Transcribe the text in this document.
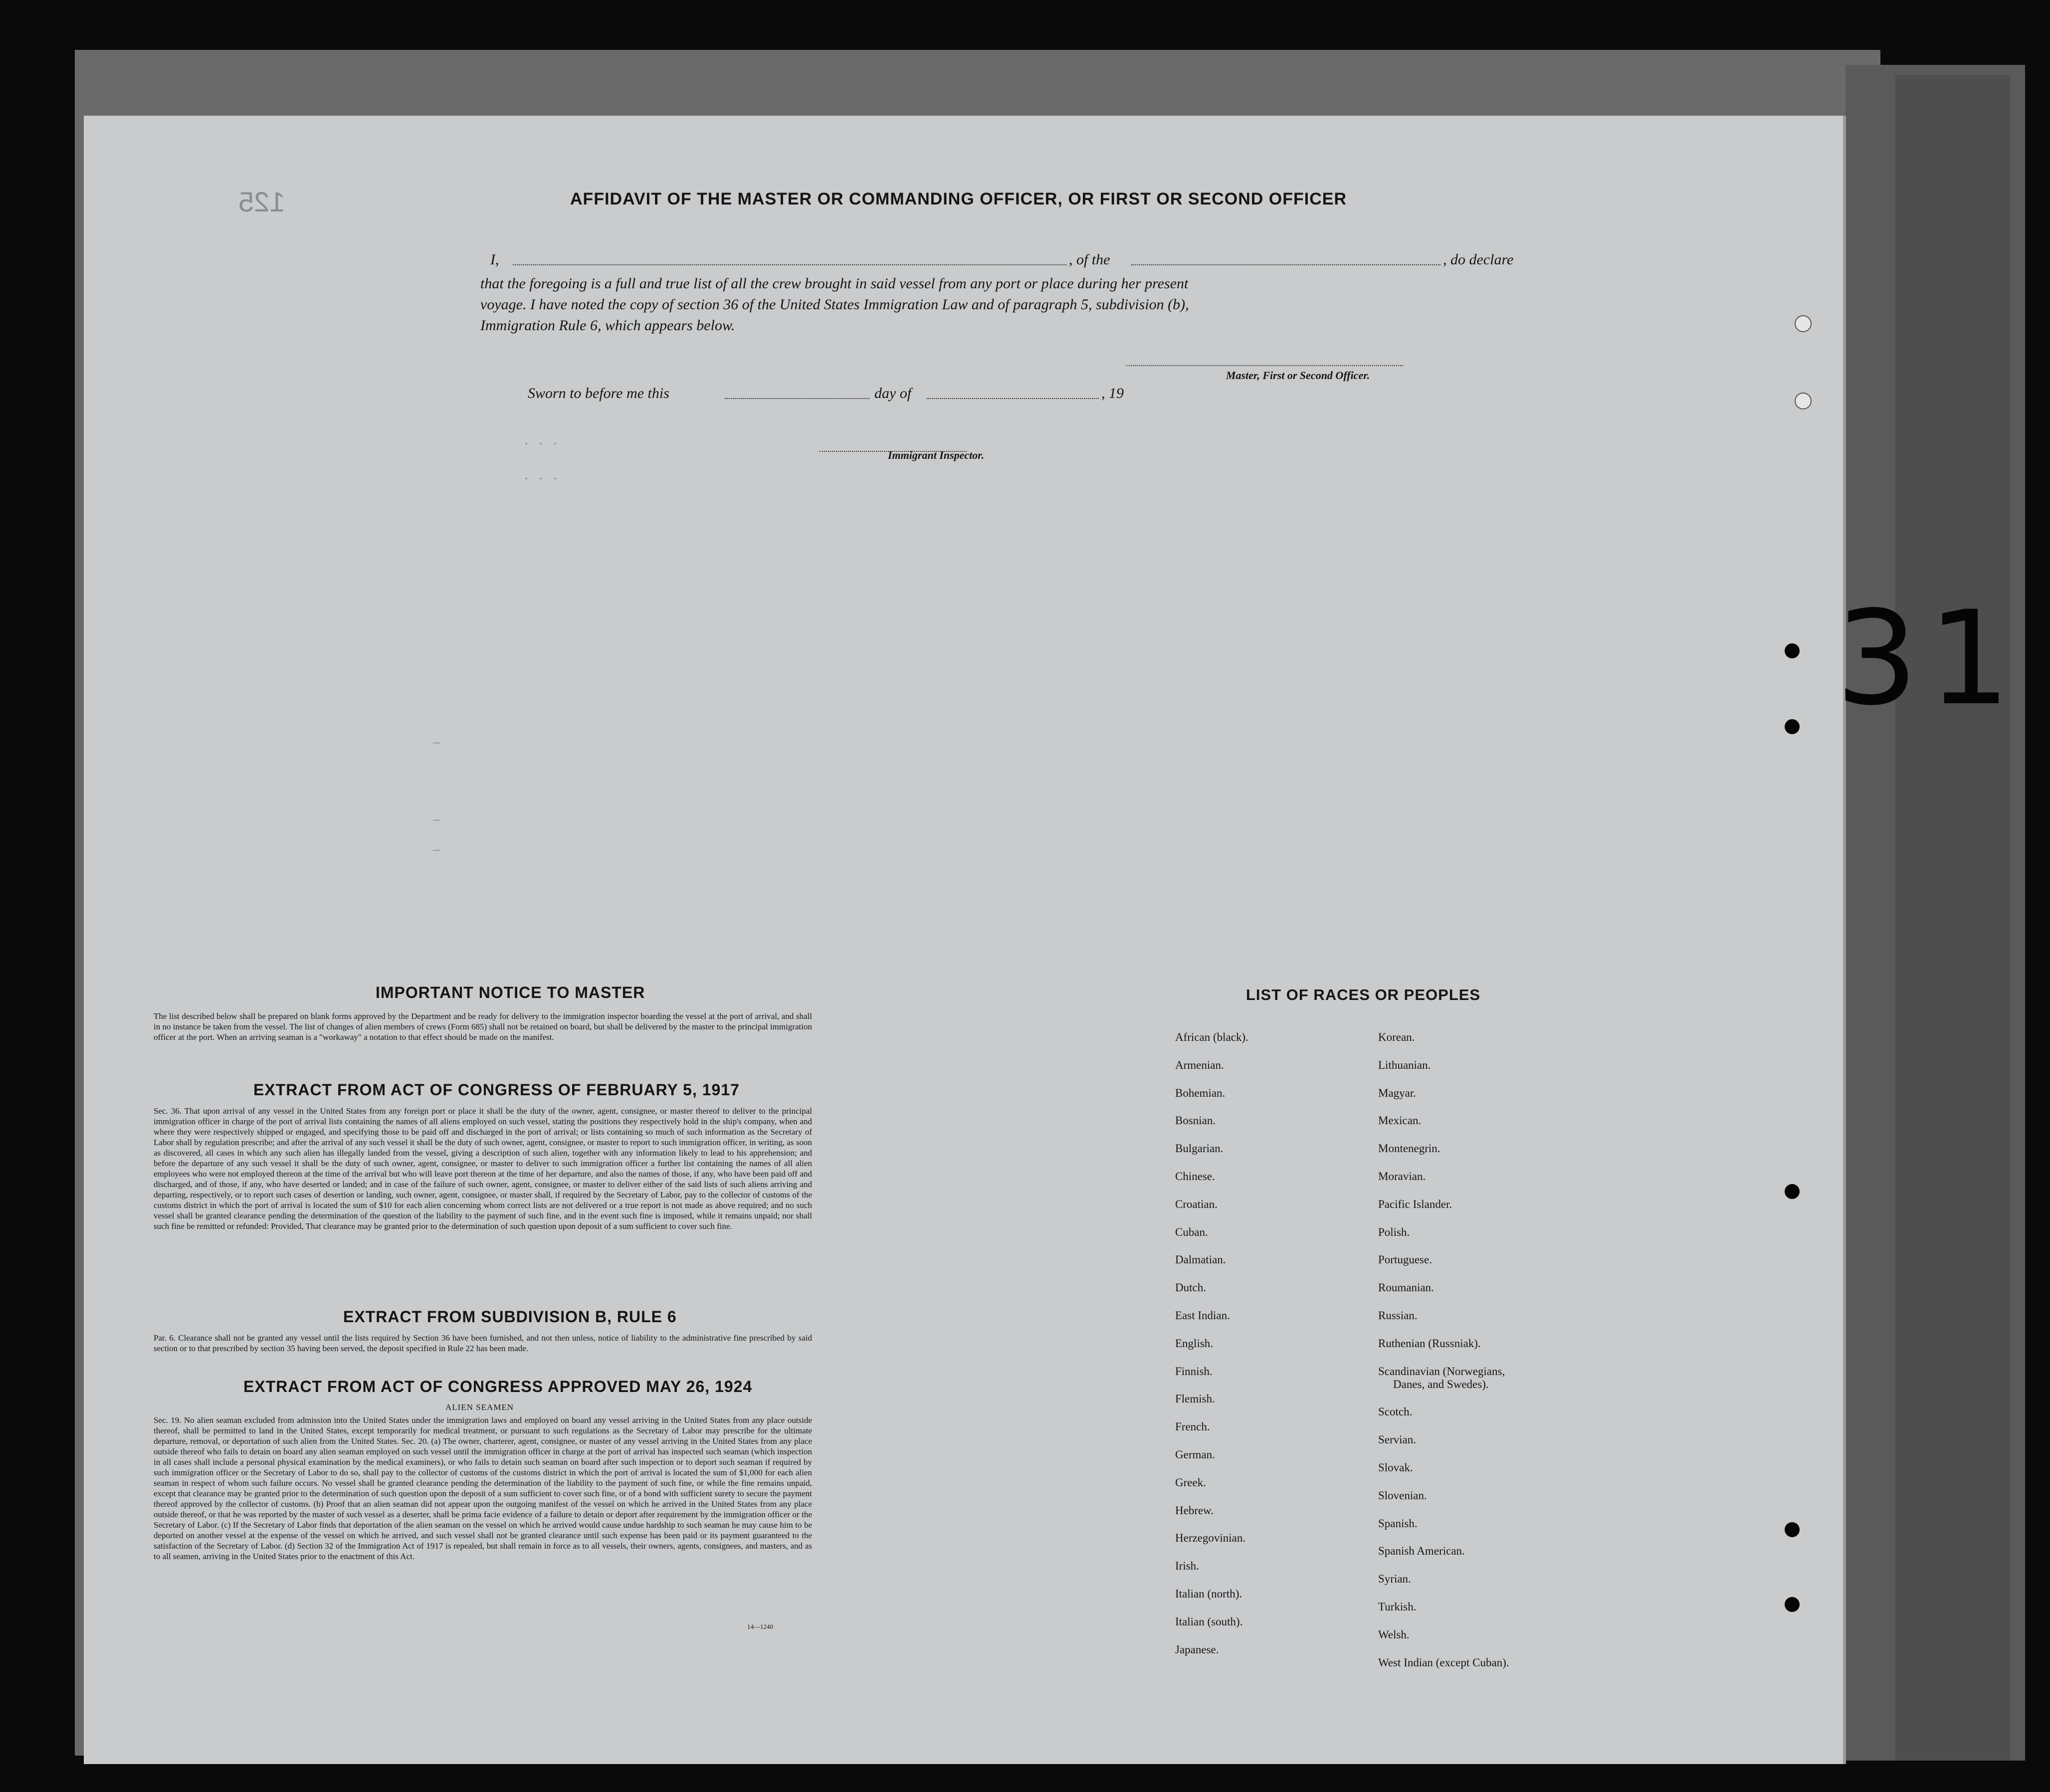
125	AFFIDAVIT OF THE MASTER OR COMMANDING OFFICER, OR FIRST OR SECOND OFFICER
I,	, of the	, do declare
that the foregoing is a full and true list of all the crew brought in said vessel from any port or place during her present
voyage. I have noted the copy of section 36 of the United States Immigration Law and of paragraph 5, subdivision (b),
Immigration Rule 6, which appears below.
Master, First or Second Officer.
Sworn to before me this	day of	, 19
Immigrant Inspector.
. . .
. . .
—
—
—
IMPORTANT NOTICE TO MASTER
The list described below shall be prepared on blank forms approved by the Department and be ready for delivery to the immigration inspector boarding the vessel at the port of arrival, and shall in no instance be taken from the vessel. The list of changes of alien members of crews (Form 685) shall not be retained on board, but shall be delivered by the master to the principal immigration officer at the port. When an arriving seaman is a "workaway" a notation to that effect should be made on the manifest.
EXTRACT FROM ACT OF CONGRESS OF FEBRUARY 5, 1917
Sec. 36. That upon arrival of any vessel in the United States from any foreign port or place it shall be the duty of the owner, agent, consignee, or master thereof to deliver to the principal immigration officer in charge of the port of arrival lists containing the names of all aliens employed on such vessel, stating the positions they respectively hold in the ship's company, when and where they were respectively shipped or engaged, and specifying those to be paid off and discharged in the port of arrival; or lists containing so much of such information as the Secretary of Labor shall by regulation prescribe; and after the arrival of any such vessel it shall be the duty of such owner, agent, consignee, or master to report to such immigration officer, in writing, as soon as discovered, all cases in which any such alien has illegally landed from the vessel, giving a description of such alien, together with any information likely to lead to his apprehension; and before the departure of any such vessel it shall be the duty of such owner, agent, consignee, or master to deliver to such immigration officer a further list containing the names of all alien employees who were not employed thereon at the time of the arrival but who will leave port thereon at the time of her departure, and also the names of those, if any, who have been paid off and discharged, and of those, if any, who have deserted or landed; and in case of the failure of such owner, agent, consignee, or master to deliver either of the said lists of such aliens arriving and departing, respectively, or to report such cases of desertion or landing, such owner, agent, consignee, or master shall, if required by the Secretary of Labor, pay to the collector of customs of the customs district in which the port of arrival is located the sum of $10 for each alien concerning whom correct lists are not delivered or a true report is not made as above required; and no such vessel shall be granted clearance pending the determination of the question of the liability to the payment of such fine, and in the event such fine is imposed, while it remains unpaid; nor shall such fine be remitted or refunded: Provided, That clearance may be granted prior to the determination of such question upon deposit of a sum sufficient to cover such fine.
EXTRACT FROM SUBDIVISION B, RULE 6
Par. 6. Clearance shall not be granted any vessel until the lists required by Section 36 have been furnished, and not then unless, notice of liability to the administrative fine prescribed by said section or to that prescribed by section 35 having been served, the deposit specified in Rule 22 has been made.
EXTRACT FROM ACT OF CONGRESS APPROVED MAY 26, 1924
ALIEN SEAMEN
Sec. 19. No alien seaman excluded from admission into the United States under the immigration laws and employed on board any vessel arriving in the United States from any place outside thereof, shall be permitted to land in the United States, except temporarily for medical treatment, or pursuant to such regulations as the Secretary of Labor may prescribe for the ultimate departure, removal, or deportation of such alien from the United States. Sec. 20. (a) The owner, charterer, agent, consignee, or master of any vessel arriving in the United States from any place outside thereof who fails to detain on board any alien seaman employed on such vessel until the immigration officer in charge at the port of arrival has inspected such seaman (which inspection in all cases shall include a personal physical examination by the medical examiners), or who fails to detain such seaman on board after such inspection or to deport such seaman if required by such immigration officer or the Secretary of Labor to do so, shall pay to the collector of customs of the customs district in which the port of arrival is located the sum of $1,000 for each alien seaman in respect of whom such failure occurs. No vessel shall be granted clearance pending the determination of the liability to the payment of such fine, or while the fine remains unpaid, except that clearance may be granted prior to the determination of such question upon the deposit of a sum sufficient to cover such fine, or of a bond with sufficient surety to secure the payment thereof approved by the collector of customs. (b) Proof that an alien seaman did not appear upon the outgoing manifest of the vessel on which he arrived in the United States from any place outside thereof, or that he was reported by the master of such vessel as a deserter, shall be prima facie evidence of a failure to detain or deport after requirement by the immigration officer or the Secretary of Labor. (c) If the Secretary of Labor finds that deportation of the alien seaman on the vessel on which he arrived would cause undue hardship to such seaman he may cause him to be deported on another vessel at the expense of the vessel on which he arrived, and such vessel shall not be granted clearance until such expense has been paid or its payment guaranteed to the satisfaction of the Secretary of Labor. (d) Section 32 of the Immigration Act of 1917 is repealed, but shall remain in force as to all vessels, their owners, agents, consignees, and masters, and as to all seamen, arriving in the United States prior to the enactment of this Act.
14—1240
LIST OF RACES OR PEOPLES
African (black).
Armenian.
Bohemian.
Bosnian.
Bulgarian.
Chinese.
Croatian.
Cuban.
Dalmatian.
Dutch.
East Indian.
English.
Finnish.
Flemish.
French.
German.
Greek.
Hebrew.
Herzegovinian.
Irish.
Italian (north).
Italian (south).
Japanese.
Korean.
Lithuanian.
Magyar.
Mexican.
Montenegrin.
Moravian.
Pacific Islander.
Polish.
Portuguese.
Roumanian.
Russian.
Ruthenian (Russniak).
Scandinavian (Norwegians,
Danes, and Swedes).
Scotch.
Servian.
Slovak.
Slovenian.
Spanish.
Spanish American.
Syrian.
Turkish.
Welsh.
West Indian (except Cuban).
31
